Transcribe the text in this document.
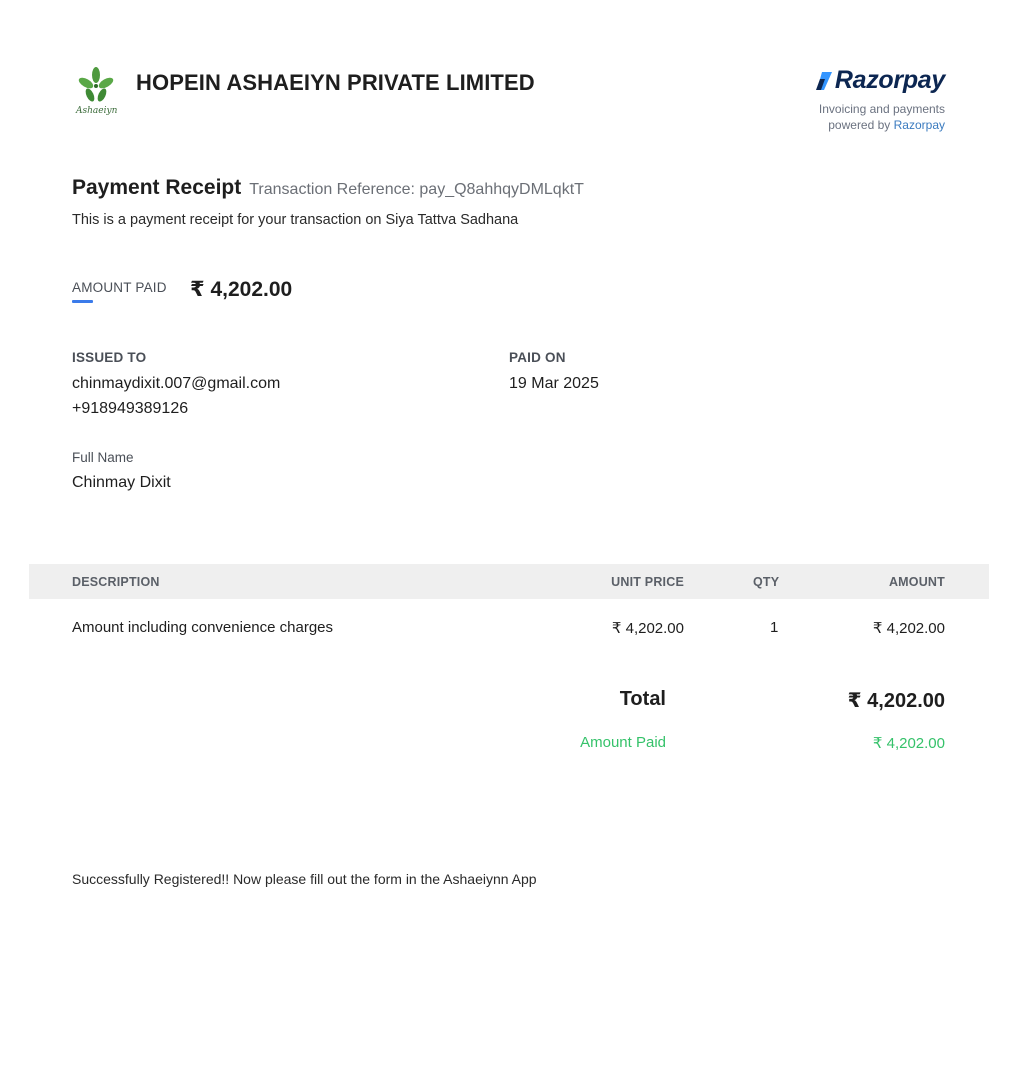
Ashaeiyn
HOPEIN ASHAEIYN PRIVATE LIMITED	Razorpay
Invoicing and payments
powered by Razorpay
Payment Receipt Transaction Reference: pay_Q8ahhqyDMLqktT
This is a payment receipt for your transaction on Siya Tattva Sadhana
AMOUNT PAID ₹ 4,202.00
ISSUED TO
chinmaydixit.007@gmail.com
+918949389126
PAID ON
19 Mar 2025
Full Name
Chinmay Dixit
DESCRIPTION	UNIT PRICE	QTY	AMOUNT
Amount including convenience charges	₹ 4,202.00	1	₹ 4,202.00
Total	₹ 4,202.00
Amount Paid	₹ 4,202.00
Successfully Registered!! Now please fill out the form in the Ashaeiynn App
